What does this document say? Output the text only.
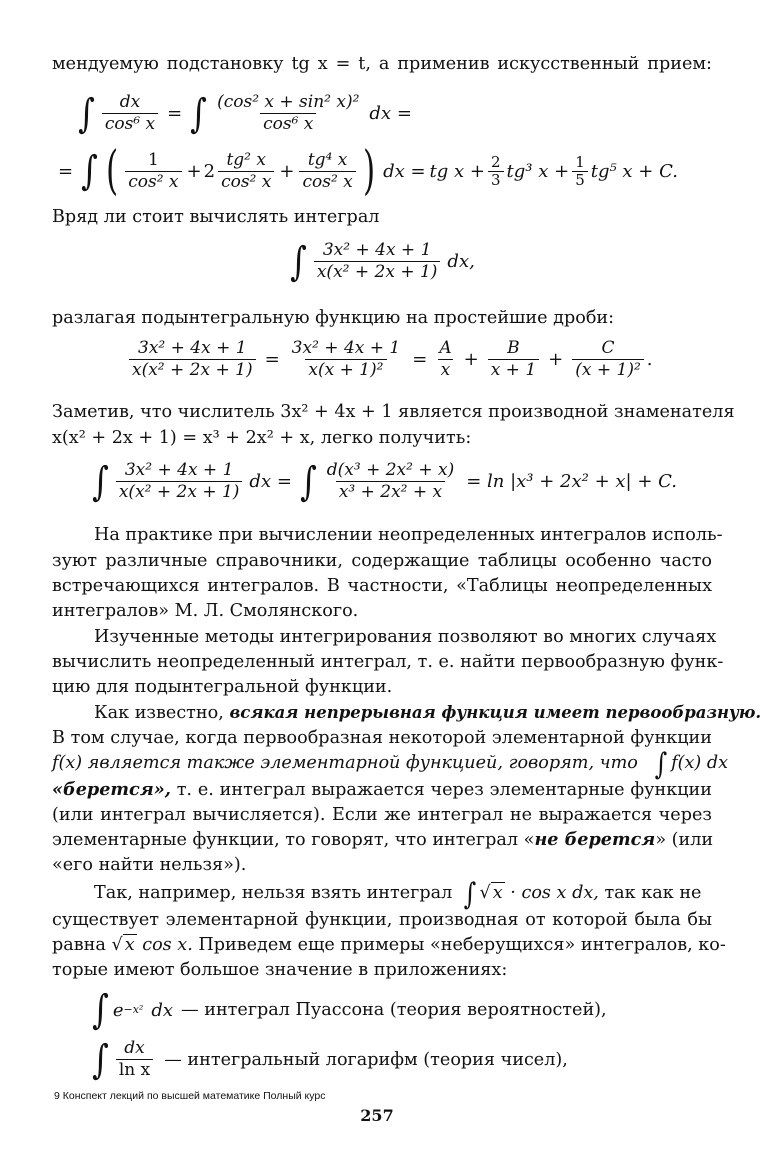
мендуемую подстановку tg x = t, а применив искусственный прием:
∫ $\frac{dx}{\text{cos⁶ x}}$ = ∫ $\frac{\text{(cos² x + sin² x)²}}{\text{cos⁶ x}}$ dx =
= ∫ ( $\frac{1}{\text{cos² x}} + 2 \frac{\text{tg² x}}{\text{cos² x}} + \frac{\text{tg⁴ x}}{\text{cos² x}}$ ) dx = tg $x + \frac{2}{3} tg^3$ $x + \frac{1}{5} tg^5$ x + C.
Вряд ли стоит вычислять интеграл
∫ $\frac{\text{3x² + 4x + 1}}{\text{x(x² + 2x + 1)}}$ dx,
разлагая подынтегральную функцию на простейшие дроби:
$\frac{\text{3x² + 4x + 1}}{\text{x(x² + 2x + 1)}} = \frac{\text{3x² + 4x + 1}}{\text{x(x + 1)²}} = \frac{A}{x} + \frac{B}{x + 1} + \frac{C}{\text{(x + 1)²}}$ .
Заметив, что числитель 3x² + 4x + 1 является производной знаменателя
x(x² + 2x + 1) = x³ + 2x² + x, легко получить:
∫ $\frac{\text{3x² + 4x + 1}}{\text{x(x² + 2x + 1)}}$ dx = ∫ $\frac{\text{d(x³ + 2x² + x)}}{\text{x³ + 2x² + x}} = \ln |x^3 + 2x^2 + x| + C$.
На практике при вычислении неопределенных интегралов исполь-
зуют различные справочники, содержащие таблицы особенно часто
встречающихся интегралов. В частности, «Таблицы неопределенных
интегралов» М. Л. Смолянского.
Изученные методы интегрирования позволяют во многих случаях
вычислить неопределенный интеграл, т. е. найти первообразную функ-
цию для подынтегральной функции.
Как известно, всякая непрерывная функция имеет первообразную.
В том случае, когда первообразная некоторой элементарной функции
f(x) является также элементарной функцией, говорят, что ∫ f(x) dx
«берется», т. е. интеграл выражается через элементарные функции
(или интеграл вычисляется). Если же интеграл не выражается через
элементарные функции, то говорят, что интеграл «не берется» (или
«его найти нельзя»).
Так, например, нельзя взять интеграл ∫ √ x · cos x dx, так как не
существует элементарной функции, производная от которой была бы
равна √ x cos x. Приведем еще примеры «неберущихся» интегралов, ко-
торые имеют большое значение в приложениях:
∫ e −x² dx — интеграл Пуассона (теория вероятностей),
∫ $\frac{dx}{\text{ln x}}$ — интегральный логарифм (теория чисел),
9 Конспект лекций по высшей математике Полный курс
257
